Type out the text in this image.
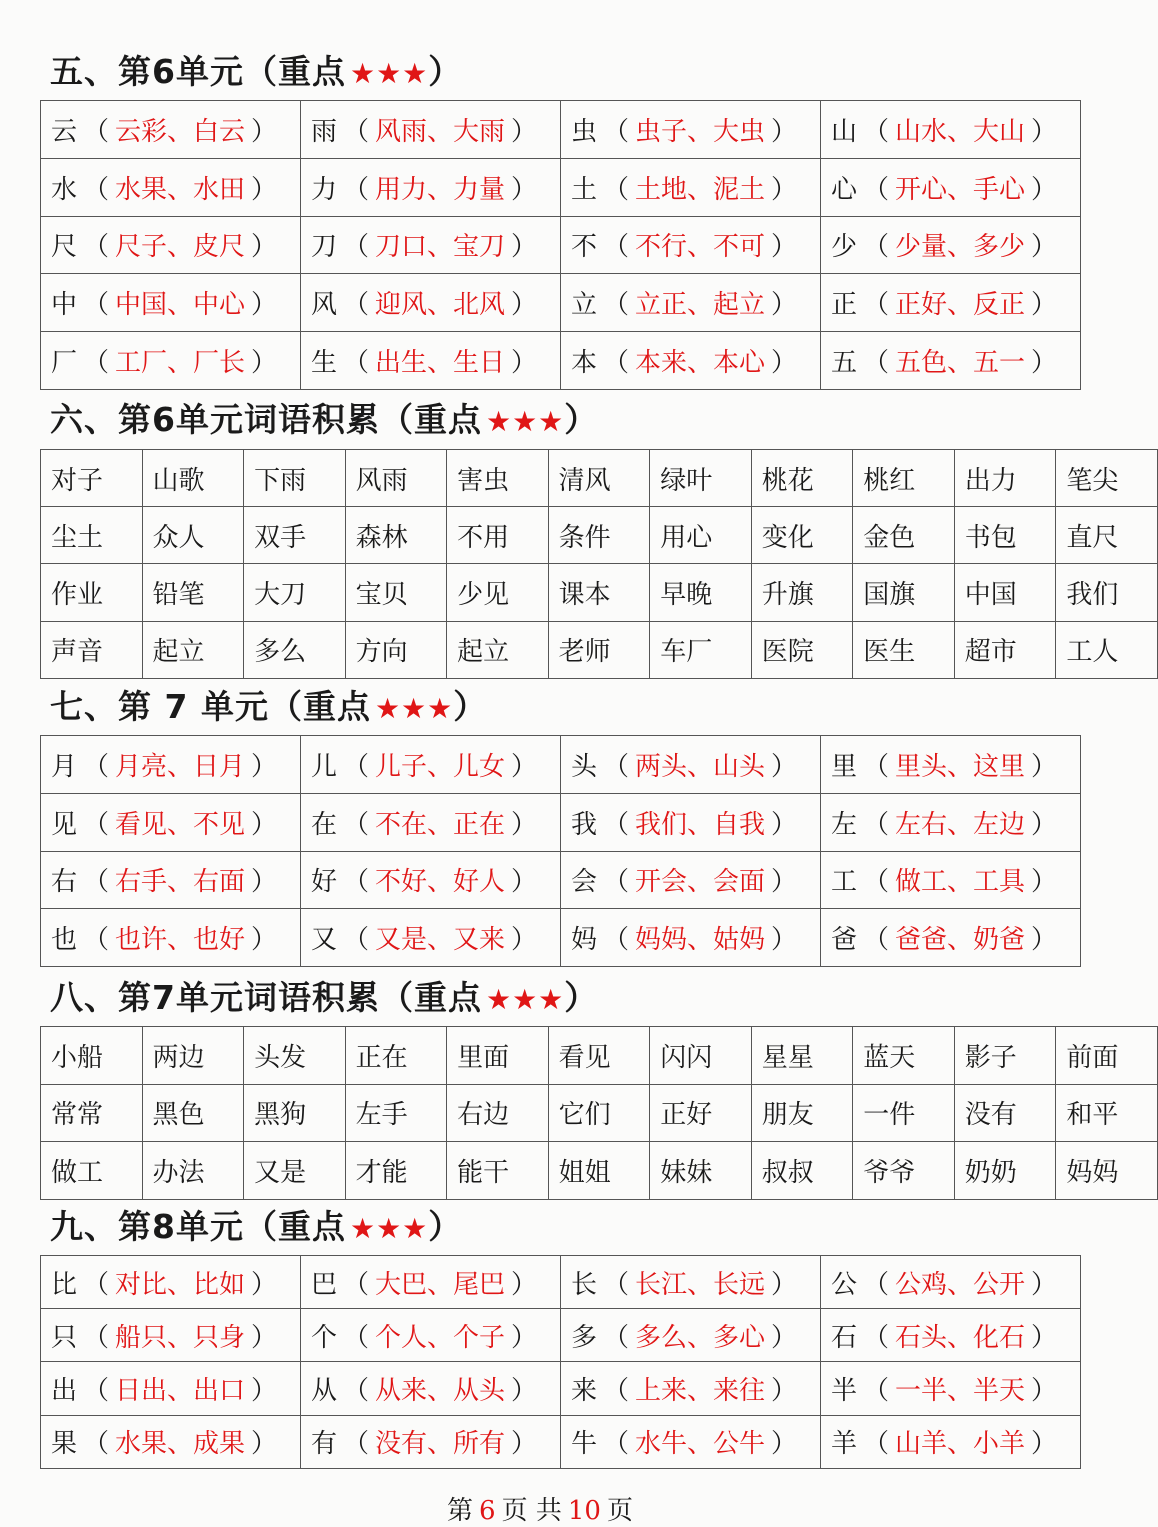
五、第6单元（重点 ★★★）
云 （ 云彩、白云 ）	雨 （ 风雨、大雨 ）	虫 （ 虫子、大虫 ）	山 （ 山水、大山 ）
水 （ 水果、水田 ）	力 （ 用力、力量 ）	土 （ 土地、泥土 ）	心 （ 开心、手心 ）
尺 （ 尺子、皮尺 ）	刀 （ 刀口、宝刀 ）	不 （ 不行、不可 ）	少 （ 少量、多少 ）
中 （ 中国、中心 ）	风 （ 迎风、北风 ）	立 （ 立正、起立 ）	正 （ 正好、反正 ）
厂 （ 工厂、厂长 ）	生 （ 出生、生日 ）	本 （ 本来、本心 ）	五 （ 五色、五一 ）
六、第6单元词语积累（重点 ★★★）
对子	山歌	下雨	风雨	害虫	清风	绿叶	桃花	桃红	出力	笔尖
尘土	众人	双手	森林	不用	条件	用心	变化	金色	书包	直尺
作业	铅笔	大刀	宝贝	少见	课本	早晚	升旗	国旗	中国	我们
声音	起立	多么	方向	起立	老师	车厂	医院	医生	超市	工人
七、第 7 单元（重点 ★★★）
月 （ 月亮、日月 ）	儿 （ 儿子、儿女 ）	头 （ 两头、山头 ）	里 （ 里头、这里 ）
见 （ 看见、不见 ）	在 （ 不在、正在 ）	我 （ 我们、自我 ）	左 （ 左右、左边 ）
右 （ 右手、右面 ）	好 （ 不好、好人 ）	会 （ 开会、会面 ）	工 （ 做工、工具 ）
也 （ 也许、也好 ）	又 （ 又是、又来 ）	妈 （ 妈妈、姑妈 ）	爸 （ 爸爸、奶爸 ）
八、第7单元词语积累（重点 ★★★）
小船	两边	头发	正在	里面	看见	闪闪	星星	蓝天	影子	前面
常常	黑色	黑狗	左手	右边	它们	正好	朋友	一件	没有	和平
做工	办法	又是	才能	能干	姐姐	妹妹	叔叔	爷爷	奶奶	妈妈
九、第8单元（重点 ★★★）
比 （ 对比、比如 ）	巴 （ 大巴、尾巴 ）	长 （ 长江、长远 ）	公 （ 公鸡、公开 ）
只 （ 船只、只身 ）	个 （ 个人、个子 ）	多 （ 多么、多心 ）	石 （ 石头、化石 ）
出 （ 日出、出口 ）	从 （ 从来、从头 ）	来 （ 上来、来往 ）	半 （ 一半、半天 ）
果 （ 水果、成果 ）	有 （ 没有、所有 ）	牛 （ 水牛、公牛 ）	羊 （ 山羊、小羊 ）
第 6 页 共 10 页
